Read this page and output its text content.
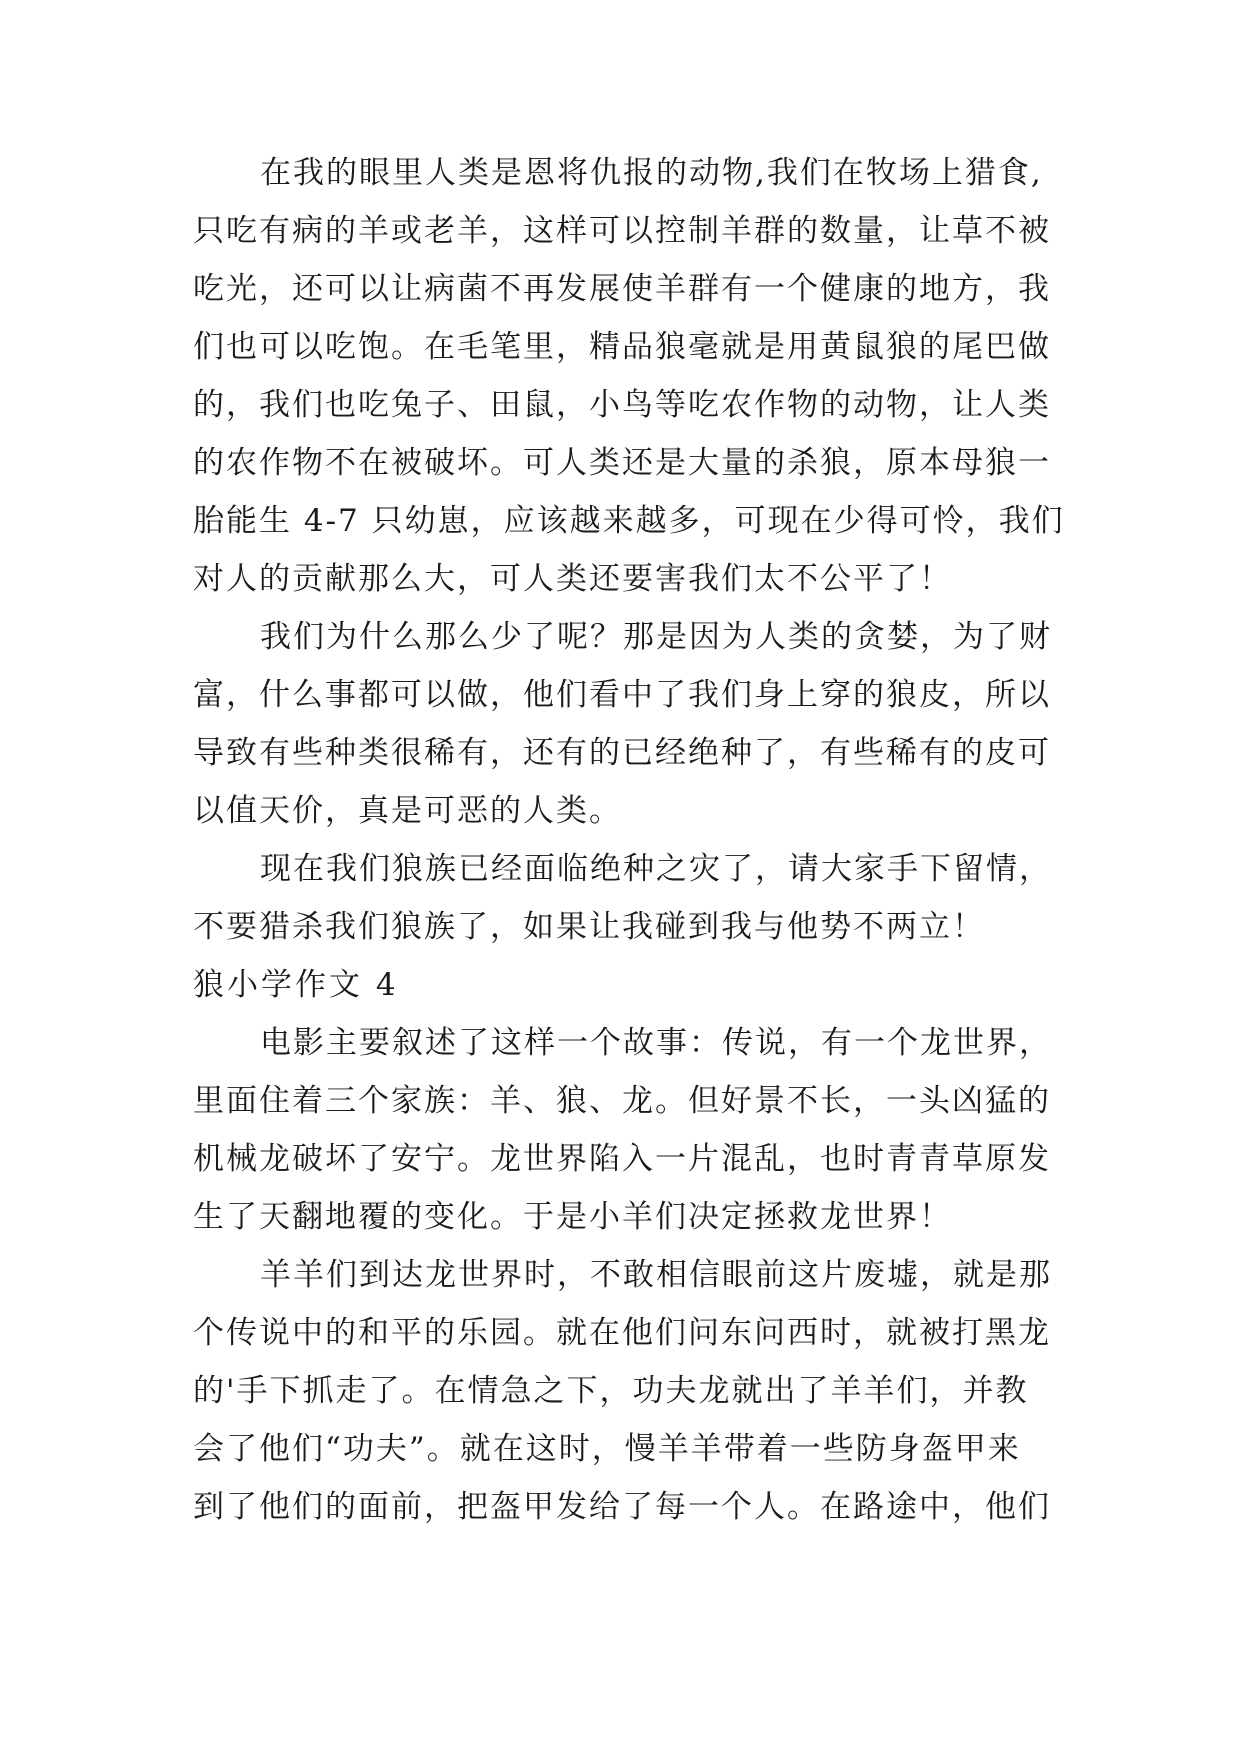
在我的眼里人类是恩将仇报的动物,我们在牧场上猎食,
只吃有病的羊或老羊，这样可以控制羊群的数量，让草不被
吃光，还可以让病菌不再发展使羊群有一个健康的地方，我
们也可以吃饱。在毛笔里，精品狼毫就是用黄鼠狼的尾巴做
的，我们也吃兔子、田鼠，小鸟等吃农作物的动物，让人类
的农作物不在被破坏。可人类还是大量的杀狼，原本母狼一
胎能生 4-7 只幼崽，应该越来越多，可现在少得可怜，我们
对人的贡献那么大，可人类还要害我们太不公平了！
我们为什么那么少了呢？那是因为人类的贪婪，为了财
富，什么事都可以做，他们看中了我们身上穿的狼皮，所以
导致有些种类很稀有，还有的已经绝种了，有些稀有的皮可
以值天价，真是可恶的人类。
现在我们狼族已经面临绝种之灾了，请大家手下留情，
不要猎杀我们狼族了，如果让我碰到我与他势不两立！
狼小学作文 4
电影主要叙述了这样一个故事：传说，有一个龙世界，
里面住着三个家族：羊、狼、龙。但好景不长，一头凶猛的
机械龙破坏了安宁。龙世界陷入一片混乱，也时青青草原发
生了天翻地覆的变化。于是小羊们决定拯救龙世界！
羊羊们到达龙世界时，不敢相信眼前这片废墟，就是那
个传说中的和平的乐园。就在他们问东问西时，就被打黑龙
的'手下抓走了。在情急之下，功夫龙就出了羊羊们，并教
会了他们“功夫”。就在这时，慢羊羊带着一些防身盔甲来
到了他们的面前，把盔甲发给了每一个人。在路途中，他们
